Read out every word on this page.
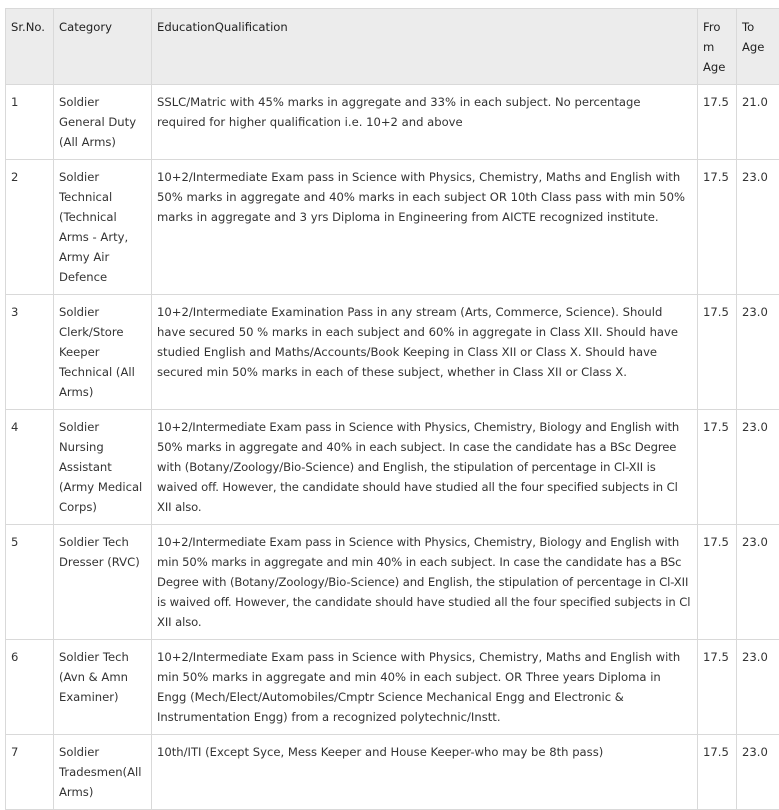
Sr.No.	Category	EducationQualification	From Age	To Age
1	Soldier General Duty (All Arms)	SSLC/Matric with 45% marks in aggregate and 33% in each subject. No percentage required for higher qualification i.e. 10+2 and above	17.5	21.0
2	Soldier Technical (Technical Arms - Arty, Army Air Defence	10+2/Intermediate Exam pass in Science with Physics, Chemistry, Maths and English with 50% marks in aggregate and 40% marks in each subject OR 10th Class pass with min 50% marks in aggregate and 3 yrs Diploma in Engineering from AICTE recognized institute.	17.5	23.0
3	Soldier Clerk/Store Keeper Technical (All Arms)	10+2/Intermediate Examination Pass in any stream (Arts, Commerce, Science). Should have secured 50 % marks in each subject and 60% in aggregate in Class XII. Should have studied English and Maths/Accounts/Book Keeping in Class XII or Class X. Should have secured min 50% marks in each of these subject, whether in Class XII or Class X.	17.5	23.0
4	Soldier Nursing Assistant (Army Medical Corps)	10+2/Intermediate Exam pass in Science with Physics, Chemistry, Biology and English with 50% marks in aggregate and 40% in each subject. In case the candidate has a BSc Degree with (Botany/Zoology/Bio-Science) and English, the stipulation of percentage in Cl-XII is waived off. However, the candidate should have studied all the four specified subjects in Cl XII also.	17.5	23.0
5	Soldier Tech Dresser (RVC)	10+2/Intermediate Exam pass in Science with Physics, Chemistry, Biology and English with min 50% marks in aggregate and min 40% in each subject. In case the candidate has a BSc Degree with (Botany/Zoology/Bio-Science) and English, the stipulation of percentage in Cl-XII is waived off. However, the candidate should have studied all the four specified subjects in Cl XII also.	17.5	23.0
6	Soldier Tech (Avn & Amn Examiner)	10+2/Intermediate Exam pass in Science with Physics, Chemistry, Maths and English with min 50% marks in aggregate and min 40% in each subject. OR Three years Diploma in Engg (Mech/Elect/Automobiles/Cmptr Science Mechanical Engg and Electronic & Instrumentation Engg) from a recognized polytechnic/Instt.	17.5	23.0
7	Soldier Tradesmen(All Arms)	10th/ITI (Except Syce, Mess Keeper and House Keeper-who may be 8th pass)	17.5	23.0
